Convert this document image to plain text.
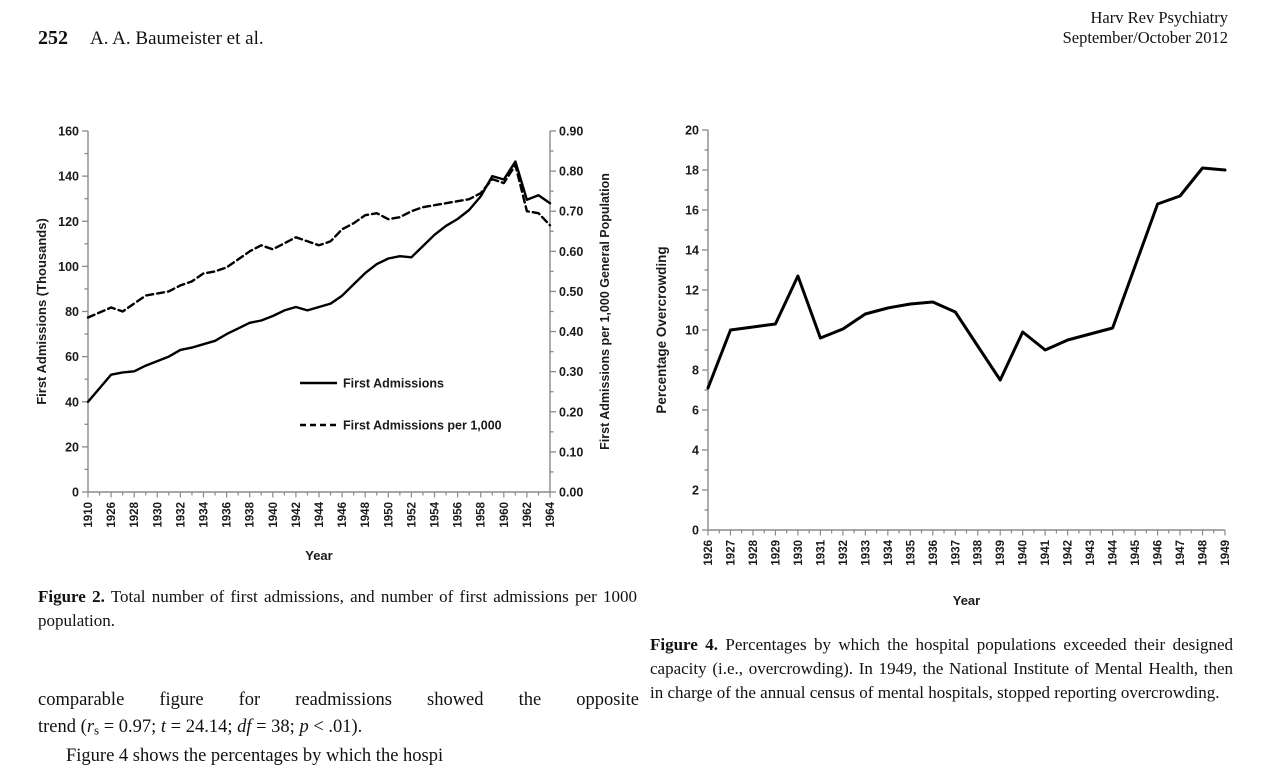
252 A. A. Baumeister et al.
Harv Rev Psychiatry
September/October 2012
0
20
40
60
80
100
120
140
160
0.00
0.10
0.20
0.30
0.40
0.50
0.60
0.70
0.80
0.90
1910 1926 1928 1930 1932 1934 1936 1938 1940 1942 1944 1946 1948 1950 1952 1954 1956 1958 1960 1962 1964
First Admissions (Thousands)	First Admissions per 1,000 General Population
Year
First Admissions
First Admissions per 1,000
0
2
4
6
8
10
12
14
16
18
20
1926 1927 1928 1929 1930 1931 1932 1933 1934 1935 1936 1937 1938 1939 1940 1941 1942 1943 1944 1945 1946 1947 1948 1949
Percentage Overcrowding
Year
Figure 2. Total number of first admissions, and number of first admissions per 1000 population.
Figure 4. Percentages by which the hospital populations exceeded their designed capacity (i.e., overcrowding). In 1949, the National Institute of Mental Health, then in charge of the annual census of mental hospitals, stopped reporting overcrowding.
comparable figure for readmissions showed the opposite
trend (rs = 0.97; t = 24.14; df = 38; p < .01).
Figure 4 shows the percentages by which the hospi
